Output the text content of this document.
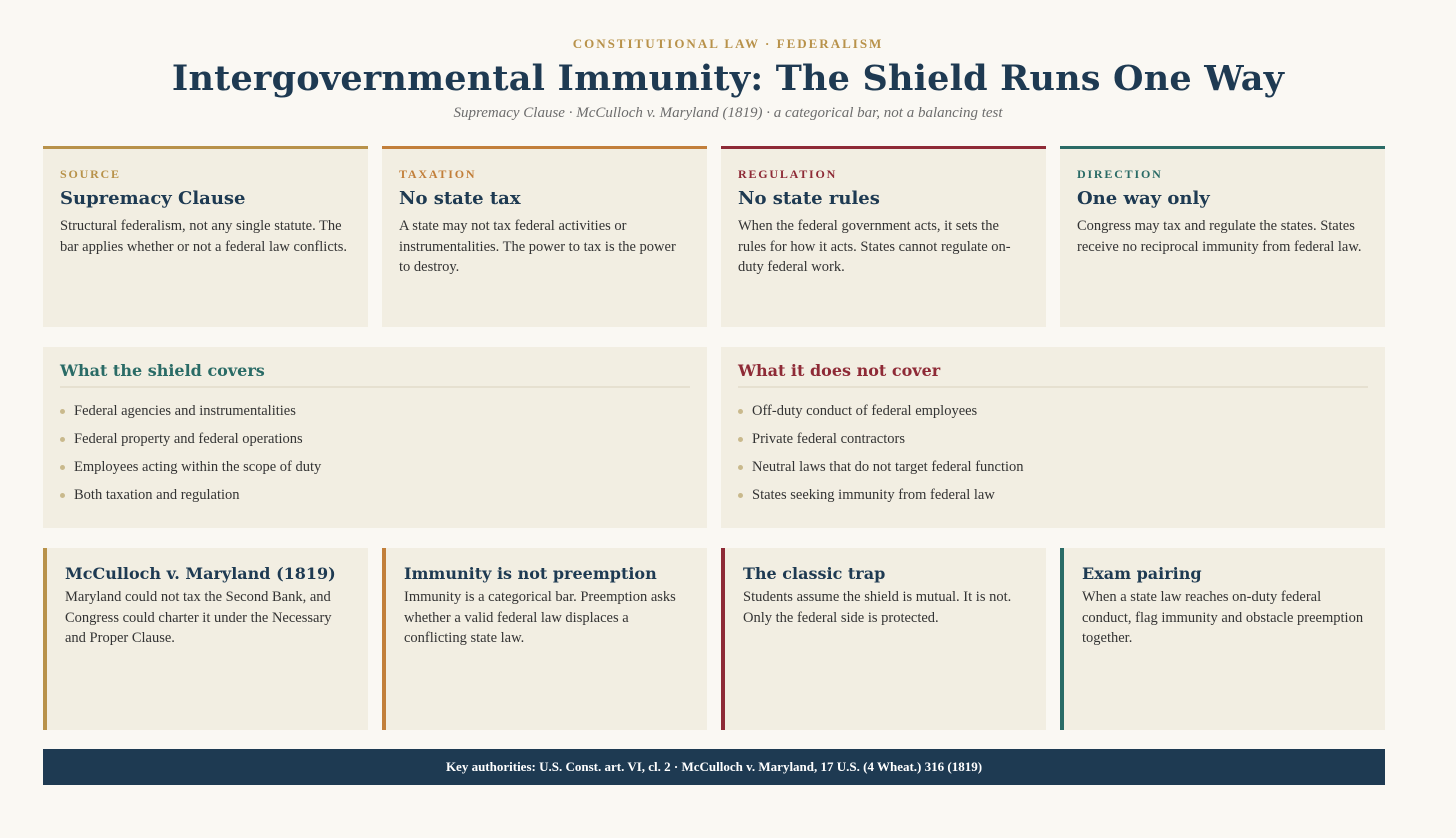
CONSTITUTIONAL LAW · FEDERALISM
Intergovernmental Immunity: The Shield Runs One Way
Supremacy Clause · McCulloch v. Maryland (1819) · a categorical bar, not a balancing test
SOURCE
Supremacy Clause
Structural federalism, not any single statute. The bar applies whether or not a federal law conflicts.
TAXATION
No state tax
A state may not tax federal activities or instrumentalities. The power to tax is the power to destroy.
REGULATION
No state rules
When the federal government acts, it sets the rules for how it acts. States cannot regulate on-duty federal work.
DIRECTION
One way only
Congress may tax and regulate the states. States receive no reciprocal immunity from federal law.
What the shield covers
Federal agencies and instrumentalities
Federal property and federal operations
Employees acting within the scope of duty
Both taxation and regulation
What it does not cover
Off-duty conduct of federal employees
Private federal contractors
Neutral laws that do not target federal function
States seeking immunity from federal law
McCulloch v. Maryland (1819)
Maryland could not tax the Second Bank, and Congress could charter it under the Necessary and Proper Clause.
Immunity is not preemption
Immunity is a categorical bar. Preemption asks whether a valid federal law displaces a conflicting state law.
The classic trap
Students assume the shield is mutual. It is not. Only the federal side is protected.
Exam pairing
When a state law reaches on-duty federal conduct, flag immunity and obstacle preemption together.
Key authorities: U.S. Const. art. VI, cl. 2 · McCulloch v. Maryland, 17 U.S. (4 Wheat.) 316 (1819)
